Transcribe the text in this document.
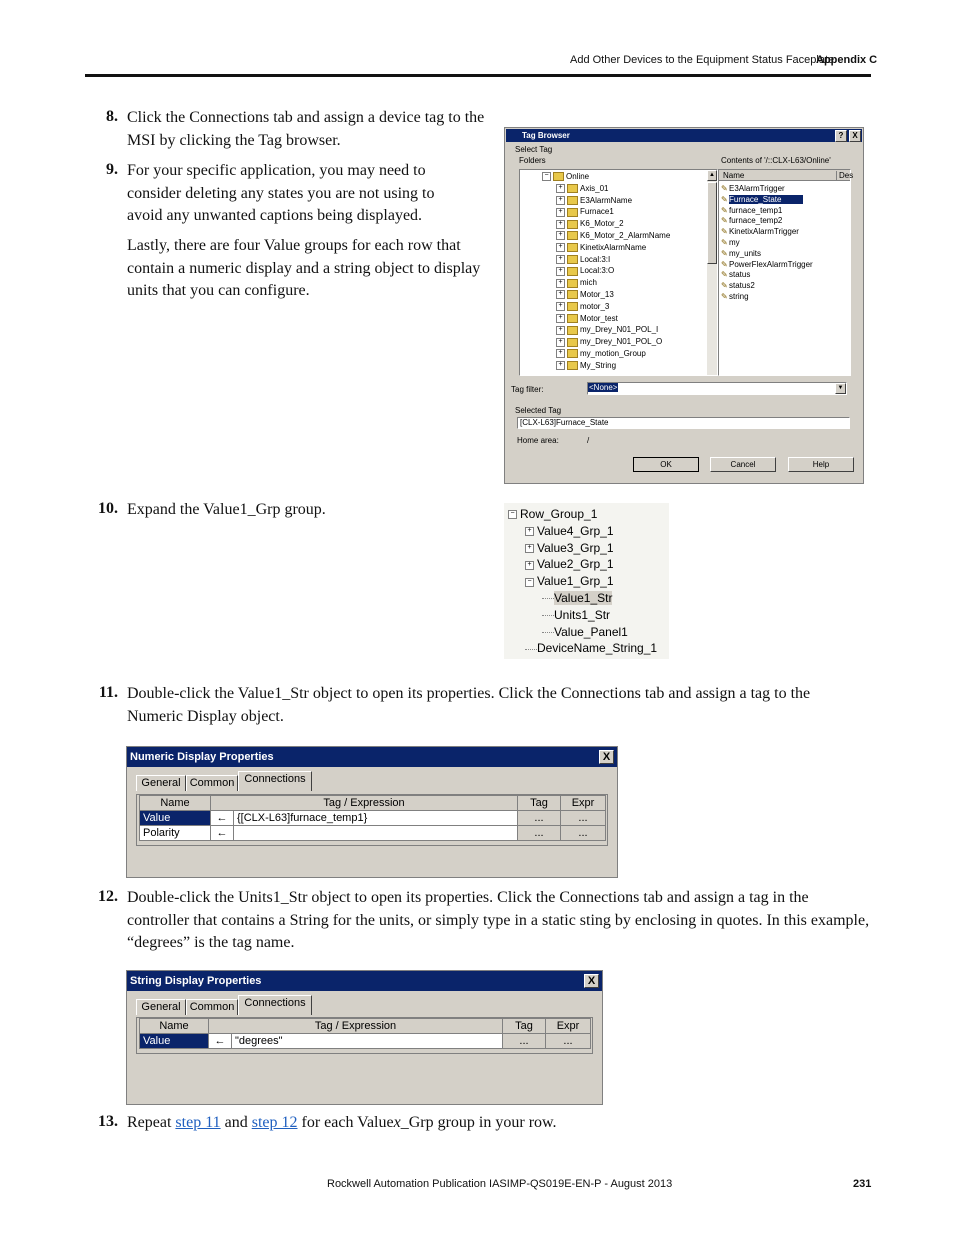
Add Other Devices to the Equipment Status Faceplate
Appendix C
8. Click the Connections tab and assign a device tag to the MSI by clicking the Tag browser.
9. For your specific application, you may need to consider deleting any states you are not using to avoid any unwanted captions being displayed.
Lastly, there are four Value groups for each row that contain a numeric display and a string object to display units that you can configure.
Tag Browser	?	X
Select Tag
Folders	Contents of '/::CLX-L63/Online'
− Online
+ Axis_01
+ E3AlarmName
+ Furnace1
+ K6_Motor_2
+ K6_Motor_2_AlarmName
+ KinetixAlarmName
+ Local:3:I
+ Local:3:O
+ mich
+ Motor_13
+ motor_3
+ Motor_test
+ my_Drey_N01_POL_I
+ my_Drey_N01_POL_O
+ my_motion_Group
+ My_String
▲ Name	Des
✎E3AlarmTrigger
✎Furnace_State
✎furnace_temp1
✎furnace_temp2
✎KinetixAlarmTrigger
✎my
✎my_units
✎PowerFlexAlarmTrigger
✎status
✎status2
✎string
Tag filter:	<None>	▼
Selected Tag
[CLX-L63]Furnace_State
Home area:	/
OK	Cancel	Help
10. Expand the Value1_Grp group.	− Row_Group_1
+ Value4_Grp_1
+ Value3_Grp_1
+ Value2_Grp_1
− Value1_Grp_1
Value1_Str
Units1_Str
Value_Panel1
DeviceName_String_1
11. Double-click the Value1_Str object to open its properties. Click the Connections tab and assign a tag to the Numeric Display object.
Numeric Display Properties	X
General Common Connections
Name	Tag / Expression		Tag	Expr
Value	←	{[CLX-L63]furnace_temp1}	...	...
Polarity	←		...	...
12. Double-click the Units1_Str object to open its properties. Click the Connections tab and assign a tag in the controller that contains a String for the units, or simply type in a static sting by enclosing in quotes. In this example, “degrees” is the tag name.
String Display Properties	X
General Common Connections
Name	Tag / Expression		Tag	Expr
Value	←	"degrees"	...	...
13. Repeat step 11 and step 12 for each Valuex_Grp group in your row.
Rockwell Automation Publication IASIMP-QS019E-EN-P - August 2013	231
